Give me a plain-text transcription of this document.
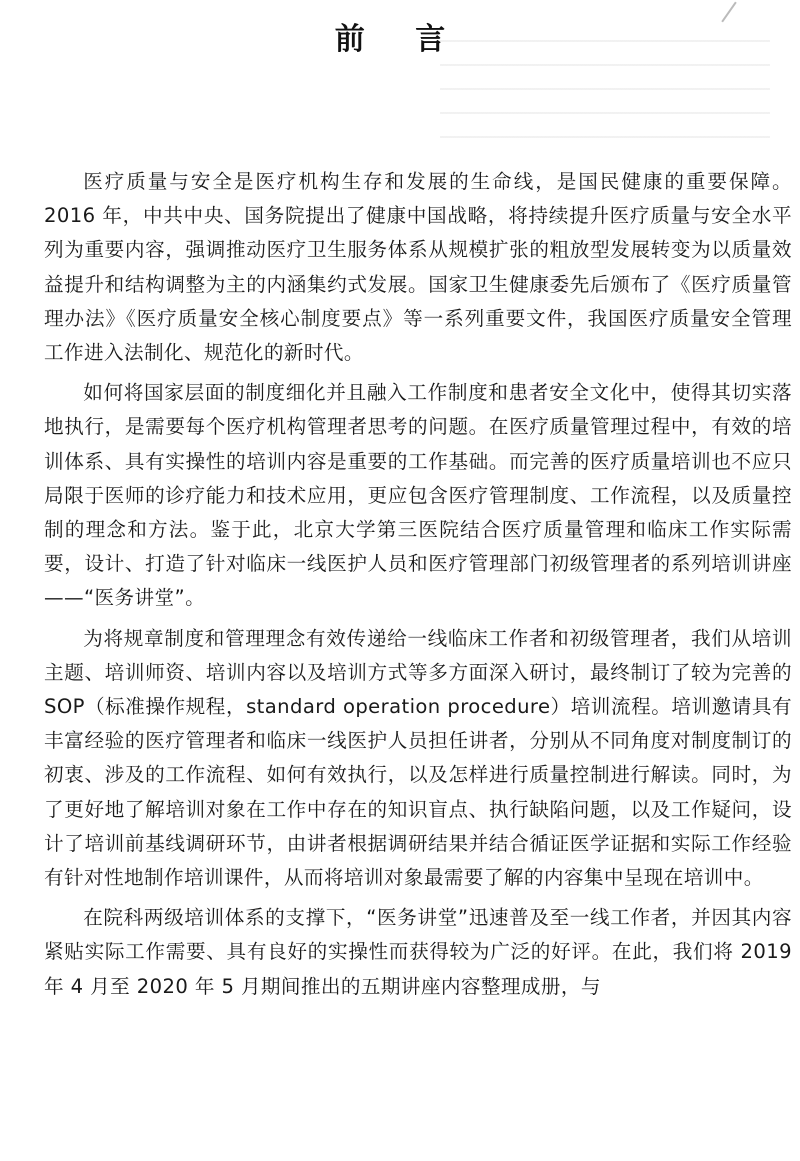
前 言

医疗质量与安全是医疗机构生存和发展的生命线，是国民健康的重要保障。2016 年，中共中央、国务院提出了健康中国战略，将持续提升医疗质量与安全水平列为重要内容，强调推动医疗卫生服务体系从规模扩张的粗放型发展转变为以质量效益提升和结构调整为主的内涵集约式发展。国家卫生健康委先后颁布了《医疗质量管理办法》《医疗质量安全核心制度要点》等一系列重要文件，我国医疗质量安全管理工作进入法制化、规范化的新时代。

如何将国家层面的制度细化并且融入工作制度和患者安全文化中，使得其切实落地执行，是需要每个医疗机构管理者思考的问题。在医疗质量管理过程中，有效的培训体系、具有实操性的培训内容是重要的工作基础。而完善的医疗质量培训也不应只局限于医师的诊疗能力和技术应用，更应包含医疗管理制度、工作流程，以及质量控制的理念和方法。鉴于此，北京大学第三医院结合医疗质量管理和临床工作实际需要，设计、打造了针对临床一线医护人员和医疗管理部门初级管理者的系列培训讲座——“医务讲堂”。

为将规章制度和管理理念有效传递给一线临床工作者和初级管理者，我们从培训主题、培训师资、培训内容以及培训方式等多方面深入研讨，最终制订了较为完善的 SOP（标准操作规程，standard operation procedure）培训流程。培训邀请具有丰富经验的医疗管理者和临床一线医护人员担任讲者，分别从不同角度对制度制订的初衷、涉及的工作流程、如何有效执行，以及怎样进行质量控制进行解读。同时，为了更好地了解培训对象在工作中存在的知识盲点、执行缺陷问题，以及工作疑问，设计了培训前基线调研环节，由讲者根据调研结果并结合循证医学证据和实际工作经验有针对性地制作培训课件，从而将培训对象最需要了解的内容集中呈现在培训中。

在院科两级培训体系的支撑下，“医务讲堂”迅速普及至一线工作者，并因其内容紧贴实际工作需要、具有良好的实操性而获得较为广泛的好评。在此，我们将 2019 年 4 月至 2020 年 5 月期间推出的五期讲座内容整理成册，与
